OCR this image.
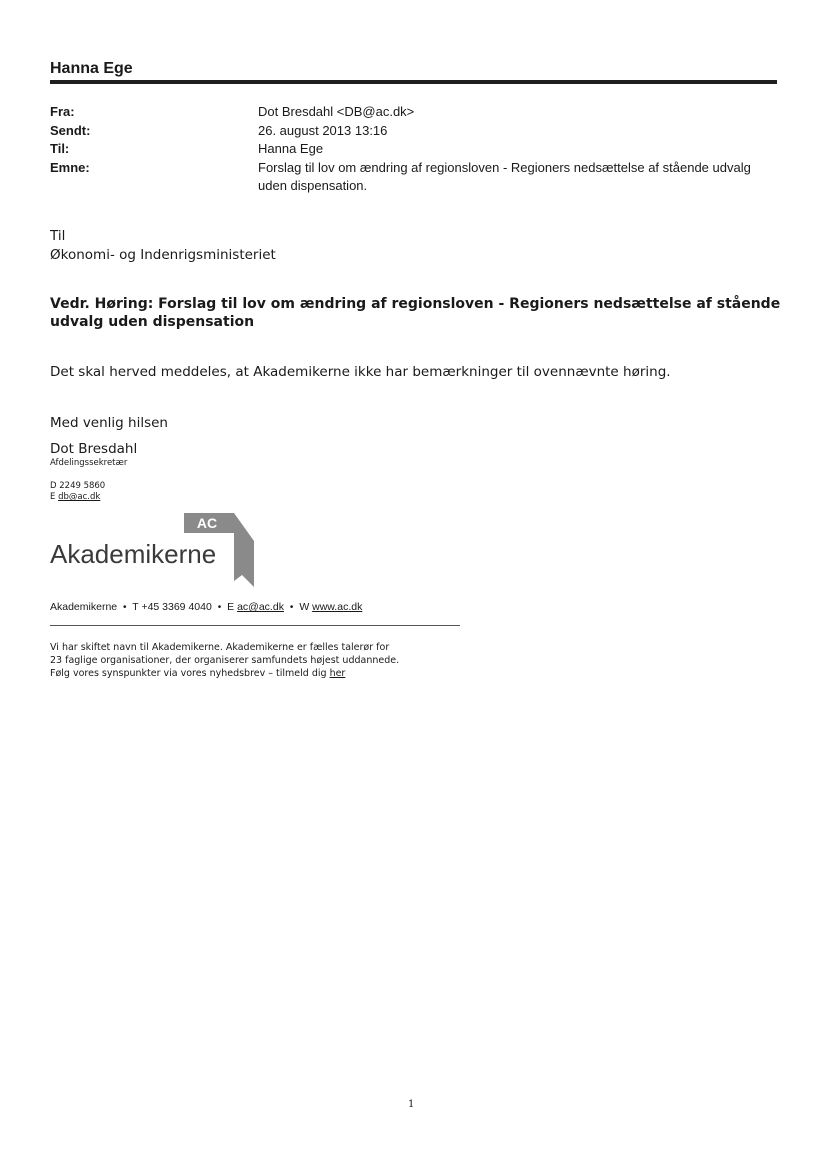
Hanna Ege
Fra:	Dot Bresdahl <DB@ac.dk>
Sendt:	26. august 2013 13:16
Til:	Hanna Ege
Emne:	Forslag til lov om ændring af regionsloven - Regioners nedsættelse af stående udvalg uden dispensation.
Til
Økonomi- og Indenrigsministeriet
Vedr. Høring: Forslag til lov om ændring af regionsloven - Regioners nedsættelse af stående udvalg uden dispensation
Det skal herved meddeles, at Akademikerne ikke har bemærkninger til ovennævnte høring.
Med venlig hilsen
Dot Bresdahl
Afdelingssekretær
D 2249 5860
E db@ac.dk
AC
Akademikerne
Akademikerne • T +45 3369 4040 • E ac@ac.dk • W www.ac.dk
Vi har skiftet navn til Akademikerne. Akademikerne er fælles talerør for
23 faglige organisationer, der organiserer samfundets højest uddannede.
Følg vores synspunkter via vores nyhedsbrev – tilmeld dig her
1
